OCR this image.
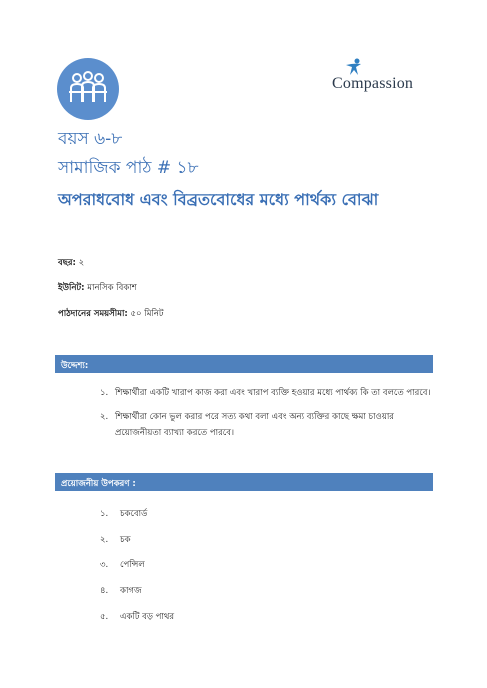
Compassion
বয়স ৬-৮
সামাজিক পাঠ # ১৮
অপরাধবোধ এবং বিব্রতবোধের মধ্যে পার্থক্য বোঝা
বছর: ২
ইউনিট: মানসিক বিকাশ
পাঠদানের সময়সীমা: ৫০ মিনিট
উদ্দেশ্য:
১. শিক্ষার্থীরা একটি খারাপ কাজ করা এবং খারাপ ব্যক্তি হওয়ার মধ্যে পার্থক্য কি তা বলতে পারবে।
২. শিক্ষার্থীরা কোন ভুল করার পরে সত্য কথা বলা এবং অন্য ব্যক্তির কাছে ক্ষমা চাওয়ার প্রয়োজনীয়তা ব্যাখ্যা করতে পারবে।
প্রয়োজনীয় উপকরণ :
১. চকবোর্ড
২. চক
৩. পেন্সিল
৪. কাগজ
৫. একটি বড় পাথর
